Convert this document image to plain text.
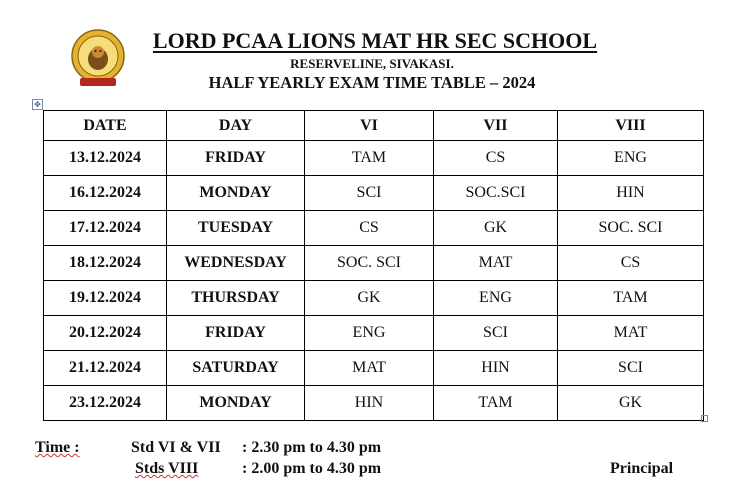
LORD PCAA LIONS MAT HR SEC SCHOOL
RESERVELINE, SIVAKASI.
HALF YEARLY EXAM TIME TABLE – 2024
✥
DATE	DAY	VI	VII	VIII
13.12.2024	FRIDAY	TAM	CS	ENG
16.12.2024	MONDAY	SCI	SOC.SCI	HIN
17.12.2024	TUESDAY	CS	GK	SOC. SCI
18.12.2024	WEDNESDAY	SOC. SCI	MAT	CS
19.12.2024	THURSDAY	GK	ENG	TAM
20.12.2024	FRIDAY	ENG	SCI	MAT
21.12.2024	SATURDAY	MAT	HIN	SCI
23.12.2024	MONDAY	HIN	TAM	GK
Time :	Std VI & VII : 2.30 pm to 4.30 pm
Stds VIII	: 2.00 pm to 4.30 pm	Principal
